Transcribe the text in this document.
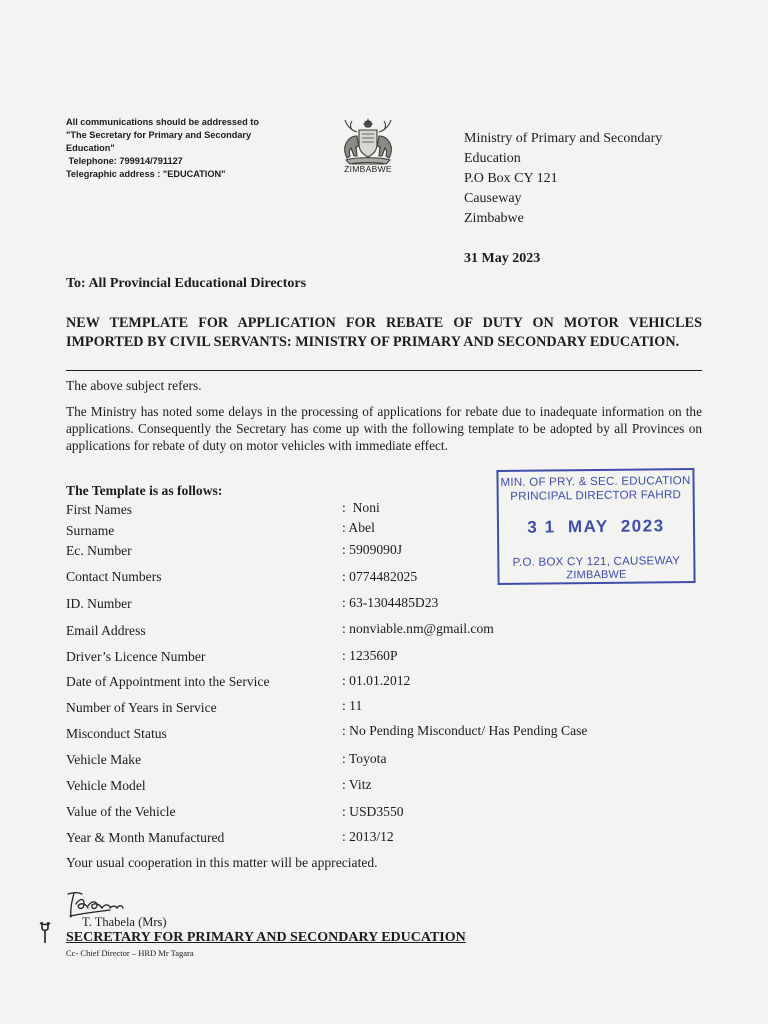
All communications should be addressed to
"The Secretary for Primary and Secondary
Education"
Telephone: 799914/791127
Telegraphic address : "EDUCATION"	ZIMBABWE
Ministry of Primary and Secondary
Education
P.O Box CY 121
Causeway
Zimbabwe
31 May 2023
To: All Provincial Educational Directors
NEW TEMPLATE FOR APPLICATION FOR REBATE OF DUTY ON MOTOR VEHICLES IMPORTED BY CIVIL SERVANTS: MINISTRY OF PRIMARY AND SECONDARY EDUCATION.
The above subject refers.
The Ministry has noted some delays in the processing of applications for rebate due to inadequate information on the applications. Consequently the Secretary has come up with the following template to be adopted by all Provinces on applications for rebate of duty on motor vehicles with immediate effect.
The Template is as follows:
First Names	:  Noni
Surname	: Abel
Ec. Number	: 5909090J
Contact Numbers	: 0774482025
ID. Number	: 63-1304485D23
Email Address	: nonviable.nm@gmail.com
Driver’s Licence Number	: 123560P
Date of Appointment into the Service	: 01.01.2012
Number of Years in Service	: 11
Misconduct Status	: No Pending Misconduct/ Has Pending Case
Vehicle Make	: Toyota
Vehicle Model	: Vitz
Value of the Vehicle	: USD3550
Year & Month Manufactured	: 2013/12
Your usual cooperation in this matter will be appreciated.
T. Thabela (Mrs)
SECRETARY FOR PRIMARY AND SECONDARY EDUCATION
Cc- Chief Director – HRD Mr Tagara
MIN. OF PRY. & SEC. EDUCATION
PRINCIPAL DIRECTOR FAHRD
3 1  MAY  2023
P.O. BOX CY 121, CAUSEWAY
ZIMBABWE
